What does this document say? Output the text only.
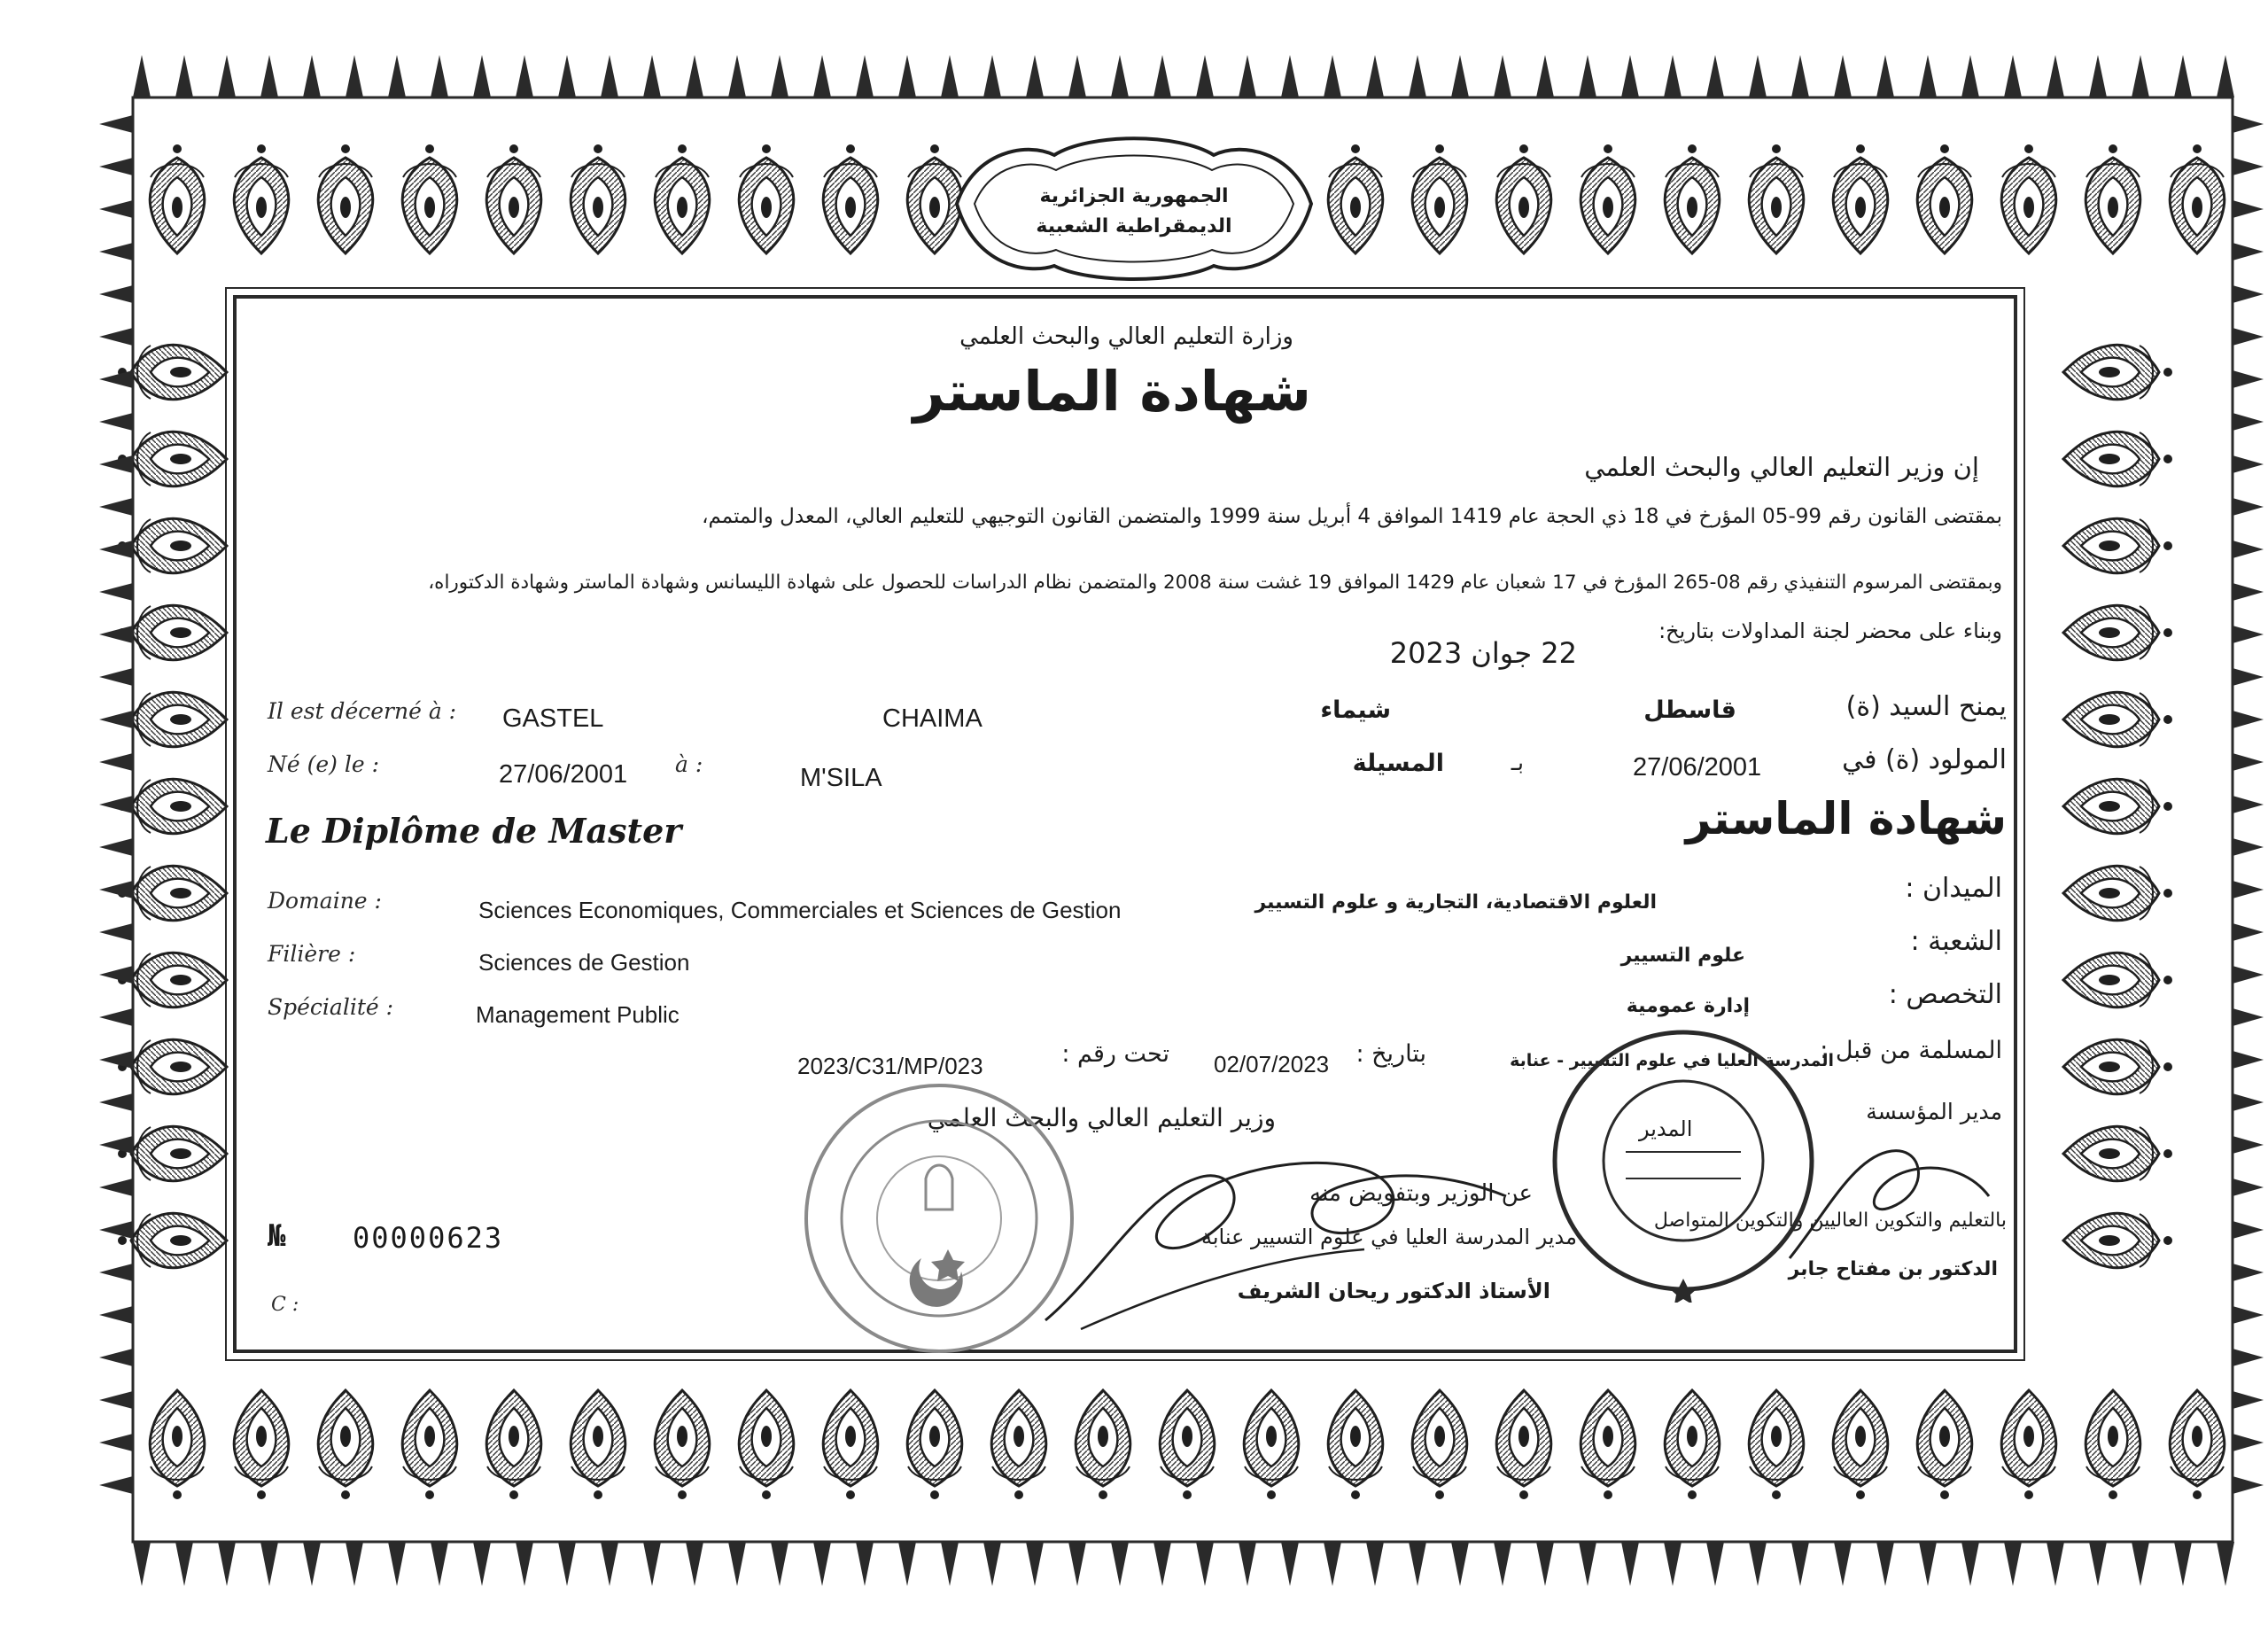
الجمهورية الجزائرية الديمقراطية الشعبية
وزارة التعليم العالي والبحث العلمي
شهادة الماستر
إن وزير التعليم العالي والبحث العلمي
بمقتضى القانون رقم 99-05 المؤرخ في 18 ذي الحجة عام 1419 الموافق 4 أبريل سنة 1999 والمتضمن القانون التوجيهي للتعليم العالي، المعدل والمتمم،
وبمقتضى المرسوم التنفيذي رقم 08-265 المؤرخ في 17 شعبان عام 1429 الموافق 19 غشت سنة 2008 والمتضمن نظام الدراسات للحصول على شهادة الليسانس وشهادة الماستر وشهادة الدكتوراه،
وبناء على محضر لجنة المداولات بتاريخ:
22 جوان 2023
Il est décerné à : GASTEL	CHAIMA	شيماء	قاسطل	يمنح السيد (ة)
Né (e) le :	27/06/2001 à :	M'SILA
المسيلة	بـ	27/06/2001	المولود (ة) في
Le Diplôme de Master	شهادة الماستر
Domaine :	Sciences Economiques, Commerciales et Sciences de Gestion	العلوم الاقتصادية، التجارية و علوم التسيير	الميدان :
Filière :	Sciences de Gestion	علوم التسيير	الشعبة :
Spécialité :	Management Public	إدارة عمومية	التخصص :
2023/C31/MP/023	تحت رقم : 02/07/2023 بتاريخ :	المدرسة العليا في علوم التسيير - عنابة
المسلمة من قبل :
مدير المؤسسة
وزير التعليم العالي والبحث العلمي
عن الوزير وبتفويض منه
مدير المدرسة العليا في علوم التسيير عنابة
الأستاذ الدكتور ريحان الشريف
بالتعليم والتكوين العاليين والتكوين المتواصل
الدكتور بن مفتاح جابر
المدير
№ 00000623
C :
